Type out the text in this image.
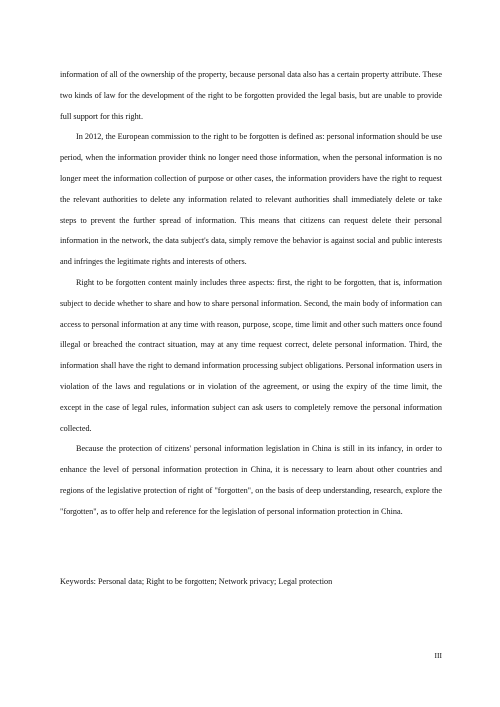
information of all of the ownership of the property, because personal data also has a certain property attribute. These two kinds of law for the development of the right to be forgotten provided the legal basis, but are unable to provide full support for this right.

In 2012, the European commission to the right to be forgotten is defined as: personal information should be use period, when the information provider think no longer need those information, when the personal information is no longer meet the information collection of purpose or other cases, the information providers have the right to request the relevant authorities to delete any information related to relevant authorities shall immediately delete or take steps to prevent the further spread of information. This means that citizens can request delete their personal information in the network, the data subject's data, simply remove the behavior is against social and public interests and infringes the legitimate rights and interests of others.

Right to be forgotten content mainly includes three aspects: first, the right to be forgotten, that is, information subject to decide whether to share and how to share personal information. Second, the main body of information can access to personal information at any time with reason, purpose, scope, time limit and other such matters once found illegal or breached the contract situation, may at any time request correct, delete personal information. Third, the information shall have the right to demand information processing subject obligations. Personal information users in violation of the laws and regulations or in violation of the agreement, or using the expiry of the time limit, the except in the case of legal rules, information subject can ask users to completely remove the personal information collected.

Because the protection of citizens' personal information legislation in China is still in its infancy, in order to enhance the level of personal information protection in China, it is necessary to learn about other countries and regions of the legislative protection of right of "forgotten", on the basis of deep understanding, research, explore the "forgotten", as to offer help and reference for the legislation of personal information protection in China.

Keywords: Personal data; Right to be forgotten; Network privacy; Legal protection

III
